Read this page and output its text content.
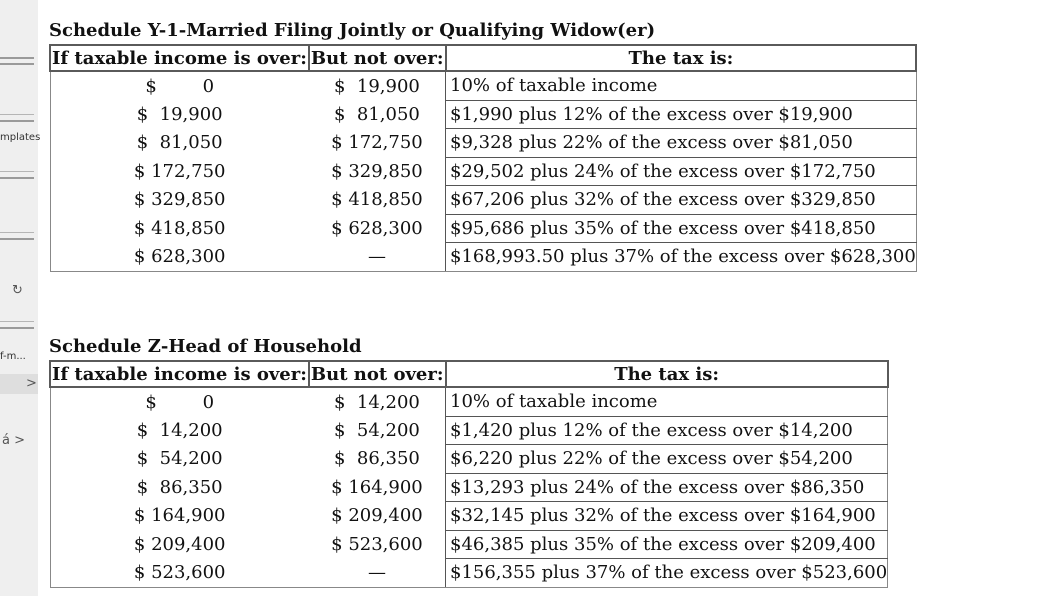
mplates
↻
f-m...
>
á >
Schedule Y-1-Married Filing Jointly or Qualifying Widow(er)
If taxable income is over:	But not over:	The tax is:
$        0	$  19,900	10% of taxable income
$  19,900	$  81,050	$1,990 plus 12% of the excess over $19,900
$  81,050	$ 172,750	$9,328 plus 22% of the excess over $81,050
$ 172,750	$ 329,850	$29,502 plus 24% of the excess over $172,750
$ 329,850	$ 418,850	$67,206 plus 32% of the excess over $329,850
$ 418,850	$ 628,300	$95,686 plus 35% of the excess over $418,850
$ 628,300	—	$168,993.50 plus 37% of the excess over $628,300
Schedule Z-Head of Household
If taxable income is over:	But not over:	The tax is:
$        0	$  14,200	10% of taxable income
$  14,200	$  54,200	$1,420 plus 12% of the excess over $14,200
$  54,200	$  86,350	$6,220 plus 22% of the excess over $54,200
$  86,350	$ 164,900	$13,293 plus 24% of the excess over $86,350
$ 164,900	$ 209,400	$32,145 plus 32% of the excess over $164,900
$ 209,400	$ 523,600	$46,385 plus 35% of the excess over $209,400
$ 523,600	—	$156,355 plus 37% of the excess over $523,600
